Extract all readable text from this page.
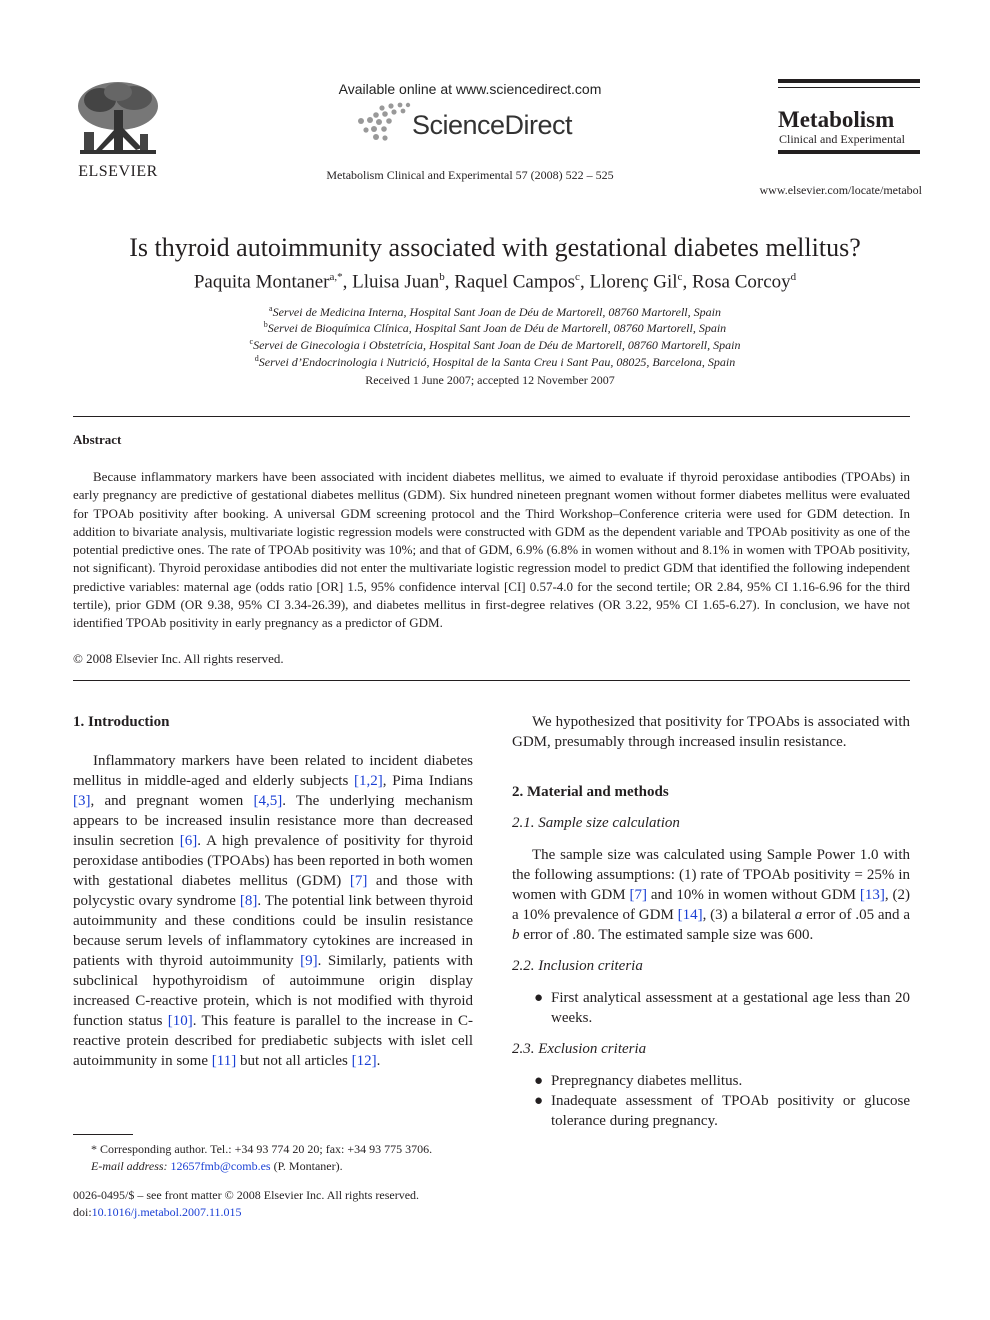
Available online at www.sciencedirect.com
ScienceDirect
Metabolism Clinical and Experimental 57 (2008) 522 – 525
ELSEVIER
Metabolism
Clinical and Experimental
www.elsevier.com/locate/metabol
Is thyroid autoimmunity associated with gestational diabetes mellitus?
Paquita Montaner$^{a,*}$, Lluisa Juan$^b$, Raquel Campos$^c$, Llorenç Gil$^c$, Rosa Corcoy$^d$
$^a$Servei de Medicina Interna, Hospital Sant Joan de Déu de Martorell, 08760 Martorell, Spain
$^b$Servei de Bioquímica Clínica, Hospital Sant Joan de Déu de Martorell, 08760 Martorell, Spain
$^c$Servei de Ginecologia i Obstetrícia, Hospital Sant Joan de Déu de Martorell, 08760 Martorell, Spain
$^d$Servei d’Endocrinologia i Nutrició, Hospital de la Santa Creu i Sant Pau, 08025, Barcelona, Spain
Received 1 June 2007; accepted 12 November 2007
Abstract
Because inflammatory markers have been associated with incident diabetes mellitus, we aimed to evaluate if thyroid peroxidase antibodies (TPOAbs) in early pregnancy are predictive of gestational diabetes mellitus (GDM). Six hundred nineteen pregnant women without former diabetes mellitus were evaluated for TPOAb positivity after booking. A universal GDM screening protocol and the Third Workshop–Conference criteria were used for GDM detection. In addition to bivariate analysis, multivariate logistic regression models were constructed with GDM as the dependent variable and TPOAb positivity as one of the potential predictive ones. The rate of TPOAb positivity was 10%; and that of GDM, 6.9% (6.8% in women without and 8.1% in women with TPOAb positivity, not significant). Thyroid peroxidase antibodies did not enter the multivariate logistic regression model to predict GDM that identified the following independent predictive variables: maternal age (odds ratio [OR] 1.5, 95% confidence interval [CI] 0.57-4.0 for the second tertile; OR 2.84, 95% CI 1.16-6.96 for the third tertile), prior GDM (OR 9.38, 95% CI 3.34-26.39), and diabetes mellitus in first-degree relatives (OR 3.22, 95% CI 1.65-6.27). In conclusion, we have not identified TPOAb positivity in early pregnancy as a predictor of GDM.
© 2008 Elsevier Inc. All rights reserved.

1. Introduction

Inflammatory markers have been related to incident diabetes mellitus in middle-aged and elderly subjects [1,2], Pima Indians [3], and pregnant women [4,5]. The underlying mechanism appears to be increased insulin resistance more than decreased insulin secretion [6]. A high prevalence of positivity for thyroid peroxidase antibodies (TPOAbs) has been reported in both women with gestational diabetes mellitus (GDM) [7] and those with polycystic ovary syndrome [8]. The potential link between thyroid autoimmunity and these conditions could be insulin resistance because serum levels of inflammatory cytokines are increased in patients with thyroid autoimmunity [9]. Similarly, patients with subclinical hypothyroidism of autoimmune origin display increased C-reactive protein, which is not modified with thyroid function status [10]. This feature is parallel to the increase in C-reactive protein described for prediabetic subjects with islet cell autoimmunity in some [11] but not all articles [12].

* Corresponding author. Tel.: +34 93 774 20 20; fax: +34 93 775 3706.
E-mail address: 12657fmb@comb.es (P. Montaner).
0026-0495/$ – see front matter © 2008 Elsevier Inc. All rights reserved.
doi:10.1016/j.metabol.2007.11.015

We hypothesized that positivity for TPOAbs is associated with GDM, presumably through increased insulin resistance.

2. Material and methods

2.1. Sample size calculation

The sample size was calculated using Sample Power 1.0 with the following assumptions: (1) rate of TPOAb positivity = 25% in women with GDM [7] and 10% in women without GDM [13], (2) a 10% prevalence of GDM [14], (3) a bilateral a error of .05 and a b error of .80. The estimated sample size was 600.

2.2. Inclusion criteria

● First analytical assessment at a gestational age less than 20 weeks.

2.3. Exclusion criteria

● Prepregnancy diabetes mellitus.
● Inadequate assessment of TPOAb positivity or glucose tolerance during pregnancy.
